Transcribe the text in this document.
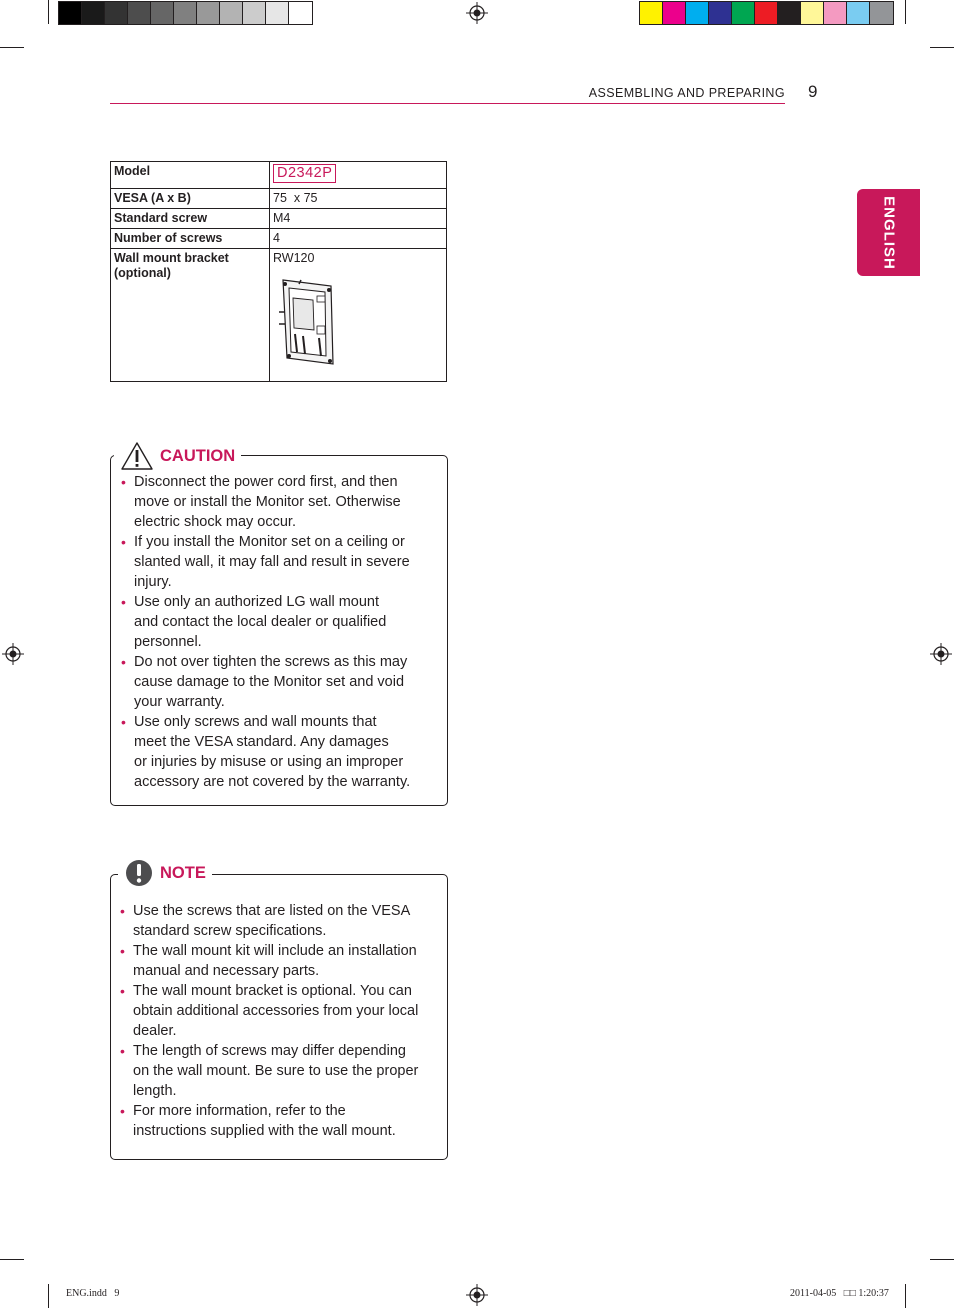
ASSEMBLING AND PREPARING 9
ENGLISH
Model	D2342P
VESA (A x B)	75  x 75
Standard screw	M4
Number of screws	4
Wall mount bracket (optional)	RW120
CAUTION
• Disconnect the power cord first, and then
move or install the Monitor set. Otherwise
electric shock may occur.
• If you install the Monitor set on a ceiling or
slanted wall, it may fall and result in severe
injury.
• Use only an authorized LG wall mount
and contact the local dealer or qualified
personnel.
• Do not over tighten the screws as this may
cause damage to the Monitor set and void
your warranty.
• Use only screws and wall mounts that
meet the VESA standard. Any damages
or injuries by misuse or using an improper
accessory are not covered by the warranty.
NOTE
• Use the screws that are listed on the VESA
standard screw specifications.
• The wall mount kit will include an installation
manual and necessary parts.
• The wall mount bracket is optional. You can
obtain additional accessories from your local
dealer.
• The length of screws may differ depending
on the wall mount. Be sure to use the proper
length.
• For more information, refer to the
instructions supplied with the wall mount.
ENG.indd   9	2011-04-05   □□ 1:20:37
